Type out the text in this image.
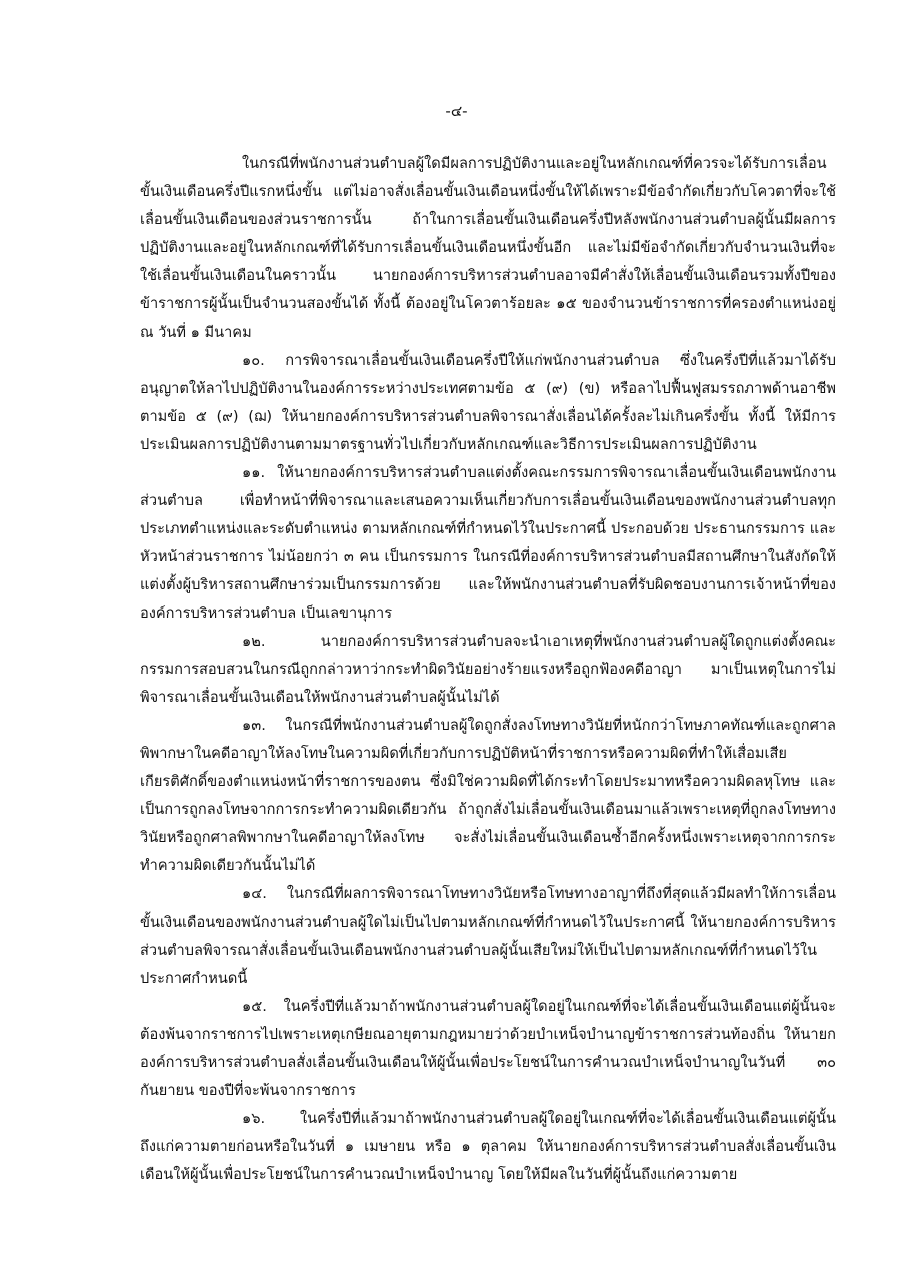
-๔-

ในกรณีที่พนักงานส่วนตำบลผู้ใดมีผลการปฏิบัติงานและอยู่ในหลักเกณฑ์ที่ควรจะได้รับการเลื่อนขั้นเงินเดือนครึ่งปีแรกหนึ่งขั้น แต่ไม่อาจสั่งเลื่อนขั้นเงินเดือนหนึ่งขั้นให้ได้เพราะมีข้อจำกัดเกี่ยวกับโควตาที่จะใช้เลื่อนขั้นเงินเดือนของส่วนราชการนั้น ถ้าในการเลื่อนขั้นเงินเดือนครึ่งปีหลังพนักงานส่วนตำบลผู้นั้นมีผลการปฏิบัติงานและอยู่ในหลักเกณฑ์ที่ได้รับการเลื่อนขั้นเงินเดือนหนึ่งขั้นอีก และไม่มีข้อจำกัดเกี่ยวกับจำนวนเงินที่จะใช้เลื่อนขั้นเงินเดือนในคราวนั้น นายกองค์การบริหารส่วนตำบลอาจมีคำสั่งให้เลื่อนขั้นเงินเดือนรวมทั้งปีของข้าราชการผู้นั้นเป็นจำนวนสองขั้นได้ ทั้งนี้ ต้องอยู่ในโควตาร้อยละ ๑๕ ของจำนวนข้าราชการที่ครองตำแหน่งอยู่ ณ วันที่ ๑ มีนาคม

๑๐. การพิจารณาเลื่อนขั้นเงินเดือนครึ่งปีให้แก่พนักงานส่วนตำบล ซึ่งในครึ่งปีที่แล้วมาได้รับอนุญาตให้ลาไปปฏิบัติงานในองค์การระหว่างประเทศตามข้อ ๕ (๙) (ข) หรือลาไปฟื้นฟูสมรรถภาพด้านอาชีพตามข้อ ๕ (๙) (ฌ) ให้นายกองค์การบริหารส่วนตำบลพิจารณาสั่งเลื่อนได้ครั้งละไม่เกินครึ่งขั้น ทั้งนี้ ให้มีการประเมินผลการปฏิบัติงานตามมาตรฐานทั่วไปเกี่ยวกับหลักเกณฑ์และวิธีการประเมินผลการปฏิบัติงาน

๑๑. ให้นายกองค์การบริหารส่วนตำบลแต่งตั้งคณะกรรมการพิจารณาเลื่อนขั้นเงินเดือนพนักงานส่วนตำบล เพื่อทำหน้าที่พิจารณาและเสนอความเห็นเกี่ยวกับการเลื่อนขั้นเงินเดือนของพนักงานส่วนตำบลทุกประเภทตำแหน่งและระดับตำแหน่ง ตามหลักเกณฑ์ที่กำหนดไว้ในประกาศนี้ ประกอบด้วย ประธานกรรมการ และหัวหน้าส่วนราชการ ไม่น้อยกว่า ๓ คน เป็นกรรมการ ในกรณีที่องค์การบริหารส่วนตำบลมีสถานศึกษาในสังกัดให้แต่งตั้งผู้บริหารสถานศึกษาร่วมเป็นกรรมการด้วย และให้พนักงานส่วนตำบลที่รับผิดชอบงานการเจ้าหน้าที่ขององค์การบริหารส่วนตำบล เป็นเลขานุการ

๑๒. นายกองค์การบริหารส่วนตำบลจะนำเอาเหตุที่พนักงานส่วนตำบลผู้ใดถูกแต่งตั้งคณะกรรมการสอบสวนในกรณีถูกกล่าวหาว่ากระทำผิดวินัยอย่างร้ายแรงหรือถูกฟ้องคดีอาญา มาเป็นเหตุในการไม่พิจารณาเลื่อนขั้นเงินเดือนให้พนักงานส่วนตำบลผู้นั้นไม่ได้

๑๓. ในกรณีที่พนักงานส่วนตำบลผู้ใดถูกสั่งลงโทษทางวินัยที่หนักกว่าโทษภาคทัณฑ์และถูกศาลพิพากษาในคดีอาญาให้ลงโทษในความผิดที่เกี่ยวกับการปฏิบัติหน้าที่ราชการหรือความผิดที่ทำให้เสื่อมเสียเกียรติศักดิ์ของตำแหน่งหน้าที่ราชการของตน ซึ่งมิใช่ความผิดที่ได้กระทำโดยประมาทหรือความผิดลหุโทษ และเป็นการถูกลงโทษจากการกระทำความผิดเดียวกัน ถ้าถูกสั่งไม่เลื่อนขั้นเงินเดือนมาแล้วเพราะเหตุที่ถูกลงโทษทางวินัยหรือถูกศาลพิพากษาในคดีอาญาให้ลงโทษ จะสั่งไม่เลื่อนขั้นเงินเดือนซ้ำอีกครั้งหนึ่งเพราะเหตุจากการกระทำความผิดเดียวกันนั้นไม่ได้

๑๔. ในกรณีที่ผลการพิจารณาโทษทางวินัยหรือโทษทางอาญาที่ถึงที่สุดแล้วมีผลทำให้การเลื่อนขั้นเงินเดือนของพนักงานส่วนตำบลผู้ใดไม่เป็นไปตามหลักเกณฑ์ที่กำหนดไว้ในประกาศนี้ ให้นายกองค์การบริหารส่วนตำบลพิจารณาสั่งเลื่อนขั้นเงินเดือนพนักงานส่วนตำบลผู้นั้นเสียใหม่ให้เป็นไปตามหลักเกณฑ์ที่กำหนดไว้ในประกาศกำหนดนี้

๑๕. ในครึ่งปีที่แล้วมาถ้าพนักงานส่วนตำบลผู้ใดอยู่ในเกณฑ์ที่จะได้เลื่อนขั้นเงินเดือนแต่ผู้นั้นจะต้องพ้นจากราชการไปเพราะเหตุเกษียณอายุตามกฎหมายว่าด้วยบำเหน็จบำนาญข้าราชการส่วนท้องถิ่น ให้นายกองค์การบริหารส่วนตำบลสั่งเลื่อนขั้นเงินเดือนให้ผู้นั้นเพื่อประโยชน์ในการคำนวณบำเหน็จบำนาญในวันที่ ๓๐ กันยายน ของปีที่จะพ้นจากราชการ

๑๖. ในครึ่งปีที่แล้วมาถ้าพนักงานส่วนตำบลผู้ใดอยู่ในเกณฑ์ที่จะได้เลื่อนขั้นเงินเดือนแต่ผู้นั้นถึงแก่ความตายก่อนหรือในวันที่ ๑ เมษายน หรือ ๑ ตุลาคม ให้นายกองค์การบริหารส่วนตำบลสั่งเลื่อนขั้นเงินเดือนให้ผู้นั้นเพื่อประโยชน์ในการคำนวณบำเหน็จบำนาญ โดยให้มีผลในวันที่ผู้นั้นถึงแก่ความตาย
